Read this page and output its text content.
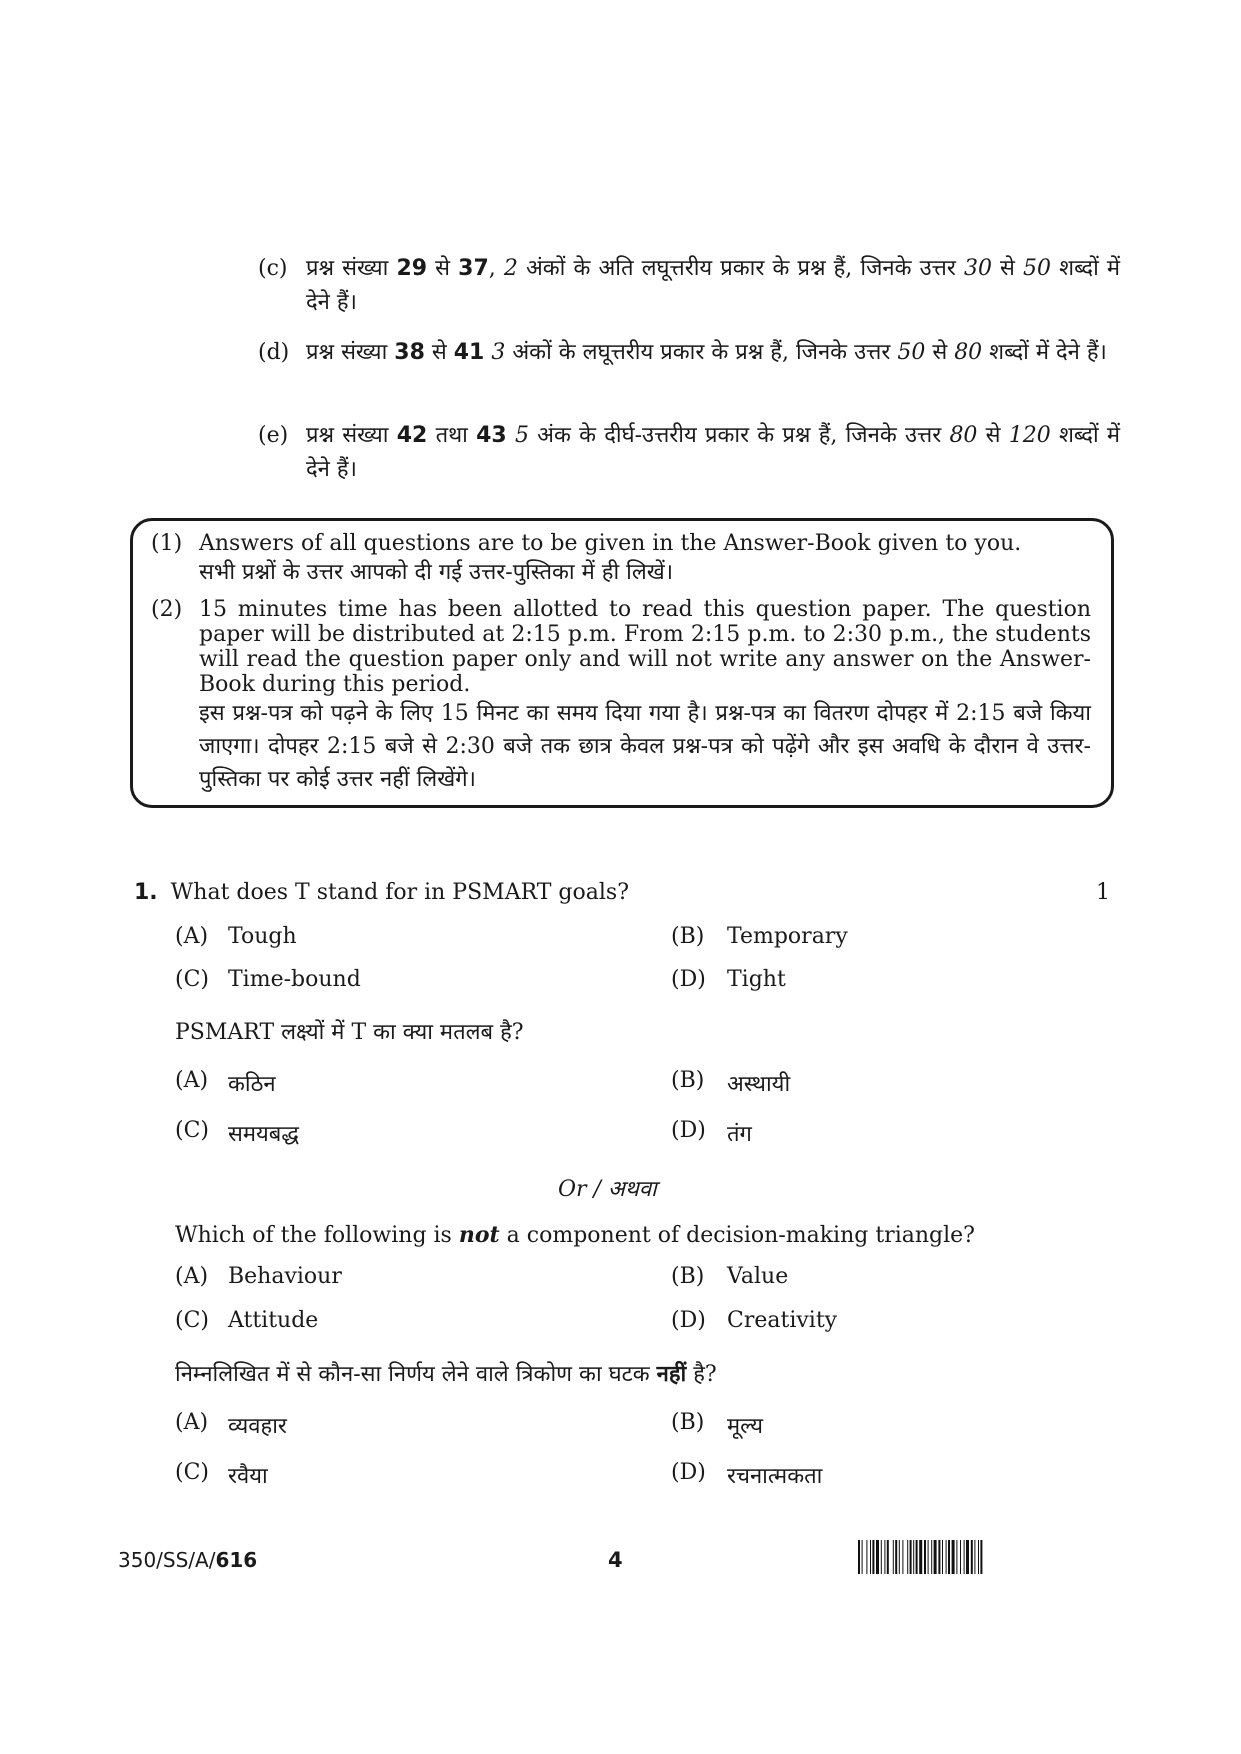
(c) प्रश्न संख्या 29 से 37, 2 अंकों के अति लघूत्तरीय प्रकार के प्रश्न हैं, जिनके उत्तर 30 से 50 शब्दों में देने हैं।
(d) प्रश्न संख्या 38 से 41 3 अंकों के लघूत्तरीय प्रकार के प्रश्न हैं, जिनके उत्तर 50 से 80 शब्दों में देने हैं।
(e) प्रश्न संख्या 42 तथा 43 5 अंक के दीर्घ-उत्तरीय प्रकार के प्रश्न हैं, जिनके उत्तर 80 से 120 शब्दों में देने हैं।
(1) Answers of all questions are to be given in the Answer-Book given to you.
सभी प्रश्नों के उत्तर आपको दी गई उत्तर-पुस्तिका में ही लिखें।
(2) 15 minutes time has been allotted to read this question paper. The question paper will be distributed at 2:15 p.m. From 2:15 p.m. to 2:30 p.m., the students will read the question paper only and will not write any answer on the Answer-Book during this period.
इस प्रश्न-पत्र को पढ़ने के लिए 15 मिनट का समय दिया गया है। प्रश्न-पत्र का वितरण दोपहर में 2:15 बजे किया जाएगा। दोपहर 2:15 बजे से 2:30 बजे तक छात्र केवल प्रश्न-पत्र को पढ़ेंगे और इस अवधि के दौरान वे उत्तर-पुस्तिका पर कोई उत्तर नहीं लिखेंगे।
1. What does T stand for in PSMART goals?	1
(A) Tough	(B) Temporary
(C) Time-bound	(D) Tight
PSMART लक्ष्यों में T का क्या मतलब है?
(A) कठिन	(B) अस्थायी
(C) समयबद्ध	(D) तंग
Or / अथवा
Which of the following is not a component of decision-making triangle?
(A) Behaviour	(B) Value
(C) Attitude	(D) Creativity
निम्नलिखित में से कौन-सा निर्णय लेने वाले त्रिकोण का घटक नहीं है?
(A) व्यवहार	(B) मूल्य
(C) रवैया	(D) रचनात्मकता
350/SS/A/616	4
